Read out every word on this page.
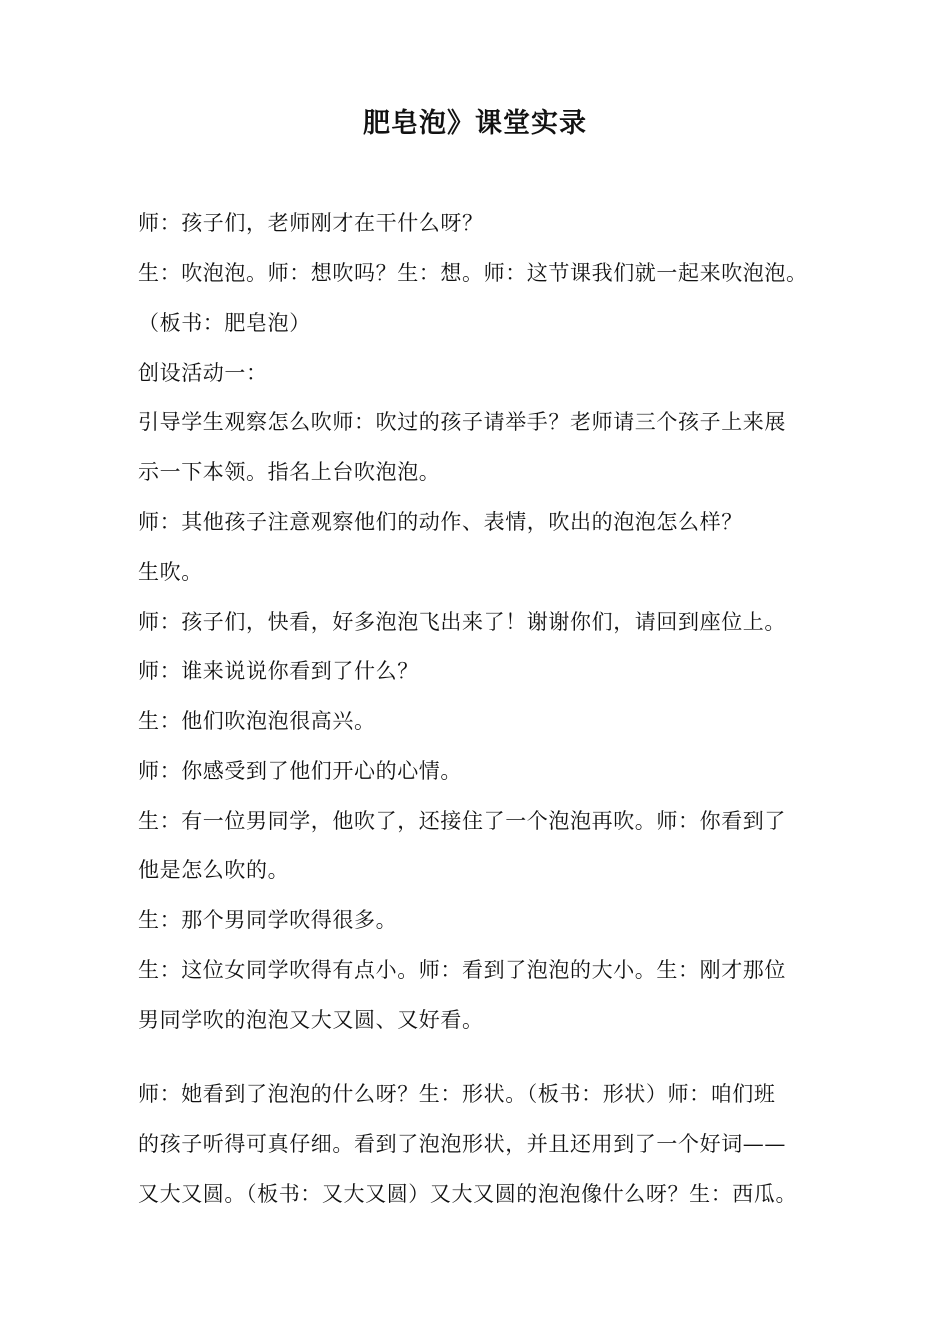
肥皂泡》课堂实录
师：孩子们，老师刚才在干什么呀？
生：吹泡泡。师：想吹吗？生：想。师：这节课我们就一起来吹泡泡。
（板书：肥皂泡）
创设活动一：
引导学生观察怎么吹师：吹过的孩子请举手？老师请三个孩子上来展
示一下本领。指名上台吹泡泡。
师：其他孩子注意观察他们的动作、表情，吹出的泡泡怎么样？
生吹。
师：孩子们，快看，好多泡泡飞出来了！谢谢你们，请回到座位上。
师：谁来说说你看到了什么？
生：他们吹泡泡很高兴。
师：你感受到了他们开心的心情。
生：有一位男同学，他吹了，还接住了一个泡泡再吹。师：你看到了
他是怎么吹的。
生：那个男同学吹得很多。
生：这位女同学吹得有点小。师：看到了泡泡的大小。生：刚才那位
男同学吹的泡泡又大又圆、又好看。
师：她看到了泡泡的什么呀？生：形状。（板书：形状）师：咱们班
的孩子听得可真仔细。看到了泡泡形状，并且还用到了一个好词——
又大又圆。（板书：又大又圆）又大又圆的泡泡像什么呀？生：西瓜。
